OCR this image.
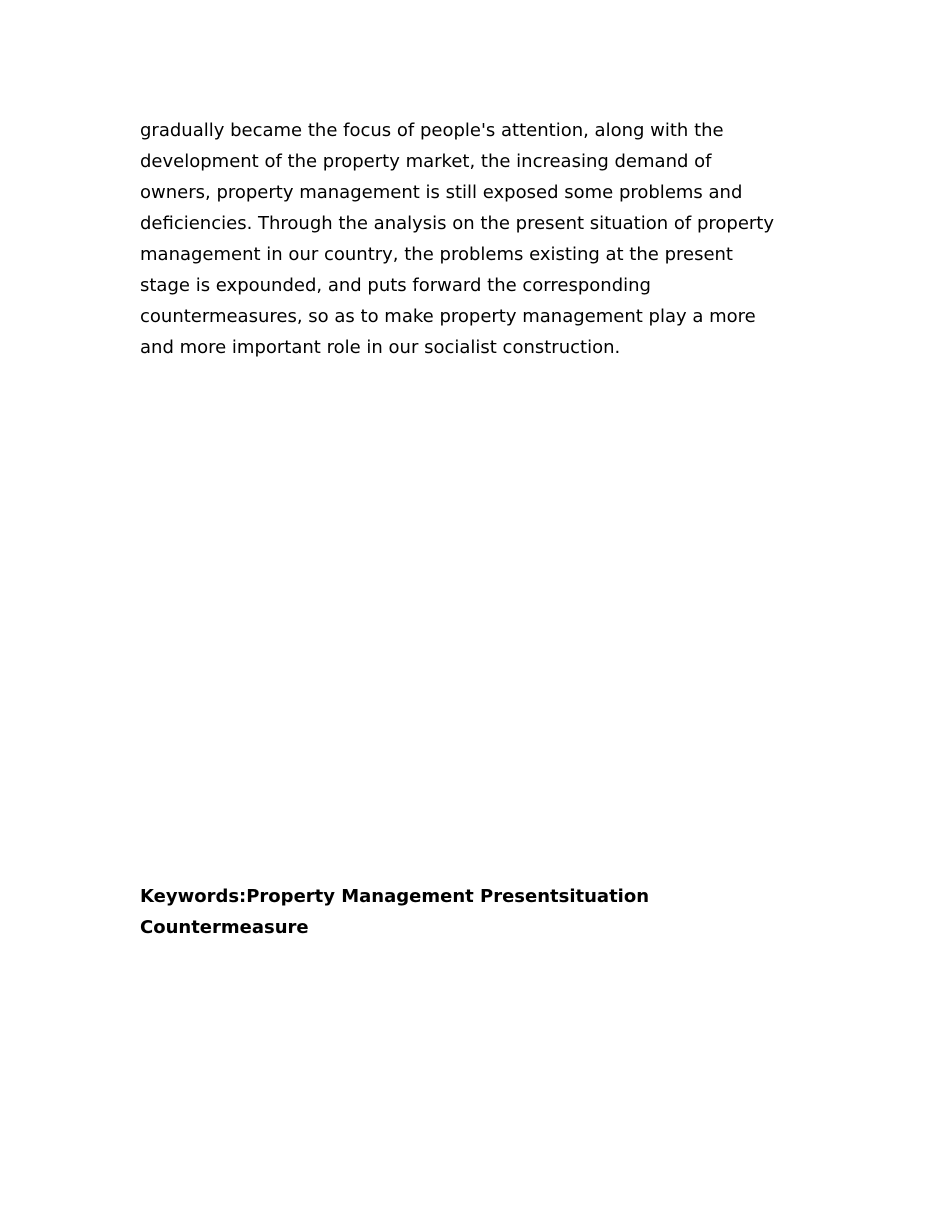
gradually became the focus of people's attention, along with the
development of the property market, the increasing demand of
owners, property management is still exposed some problems and
deficiencies. Through the analysis on the present situation of property
management in our country, the problems existing at the present
stage is expounded, and puts forward the corresponding
countermeasures, so as to make property management play a more
and more important role in our socialist construction.

Keywords:Property Management Presentsituation
Countermeasure
